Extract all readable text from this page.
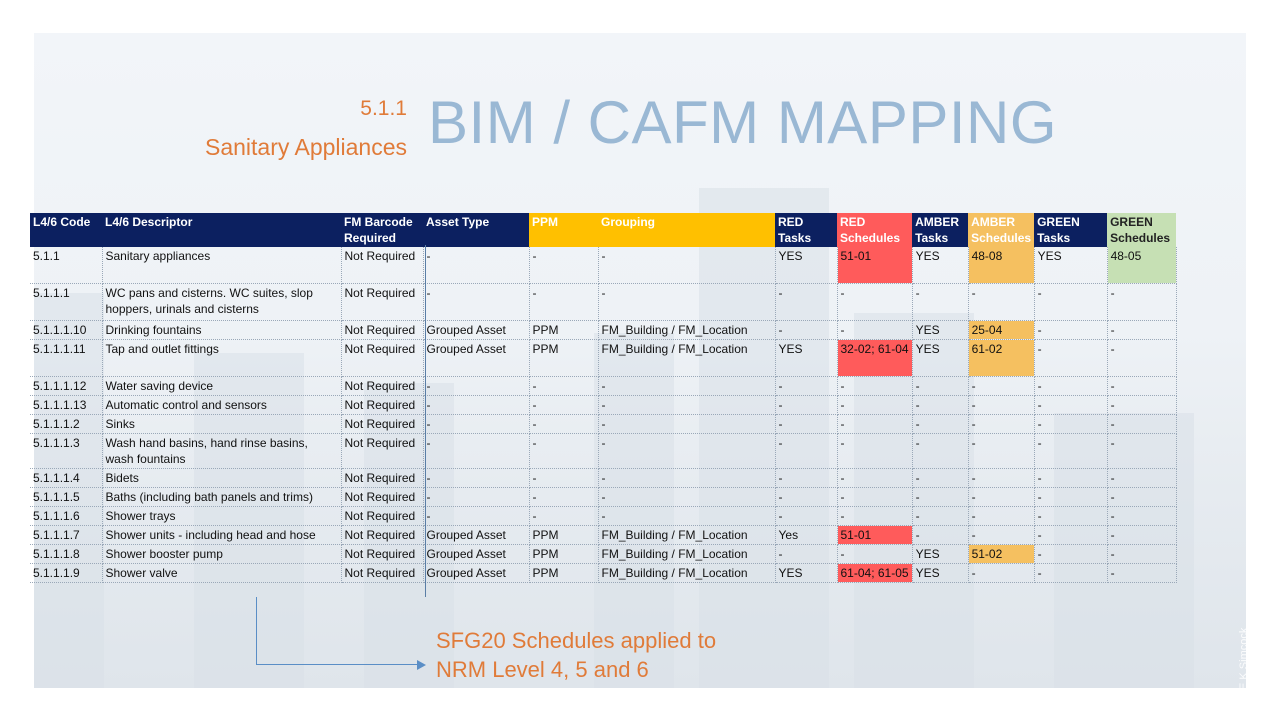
5.1.1
Sanitary Appliances BIM / CAFM MAPPING
L4/6 Code	L4/6 Descriptor	FM Barcode Required	Asset Type	PPM	Grouping	RED Tasks	RED Schedules	AMBER Tasks	AMBER Schedules	GREEN Tasks	GREEN Schedules
5.1.1	Sanitary appliances	Not Required	-	-	-	YES	51-01	YES	48-08	YES	48-05
5.1.1.1	WC pans and cisterns. WC suites, slop hoppers, urinals and cisterns	Not Required	-	-	-	-	-	-	-	-	-
5.1.1.1.10	Drinking fountains	Not Required	Grouped Asset	PPM	FM_Building / FM_Location	-	-	YES	25-04	-	-
5.1.1.1.11	Tap and outlet fittings	Not Required	Grouped Asset	PPM	FM_Building / FM_Location	YES	32-02; 61-04	YES	61-02	-	-
5.1.1.1.12	Water saving device	Not Required	-	-	-	-	-	-	-	-	-
5.1.1.1.13	Automatic control and sensors	Not Required	-	-	-	-	-	-	-	-	-
5.1.1.1.2	Sinks	Not Required	-	-	-	-	-	-	-	-	-
5.1.1.1.3	Wash hand basins, hand rinse basins, wash fountains	Not Required	-	-	-	-	-	-	-	-	-
5.1.1.1.4	Bidets	Not Required	-	-	-	-	-	-	-	-	-
5.1.1.1.5	Baths (including bath panels and trims)	Not Required	-	-	-	-	-	-	-	-	-
5.1.1.1.6	Shower trays	Not Required	-	-	-	-	-	-	-	-	-
5.1.1.1.7	Shower units - including head and hose	Not Required	Grouped Asset	PPM	FM_Building / FM_Location	Yes	51-01	-	-	-	-
5.1.1.1.8	Shower booster pump	Not Required	Grouped Asset	PPM	FM_Building / FM_Location	-	-	YES	51-02	-	-
5.1.1.1.9	Shower valve	Not Required	Grouped Asset	PPM	FM_Building / FM_Location	YES	61-04; 61-05	YES	-	-	-
SFG20 Schedules applied to
NRM Level 4, 5 and 6	E K Simcock
